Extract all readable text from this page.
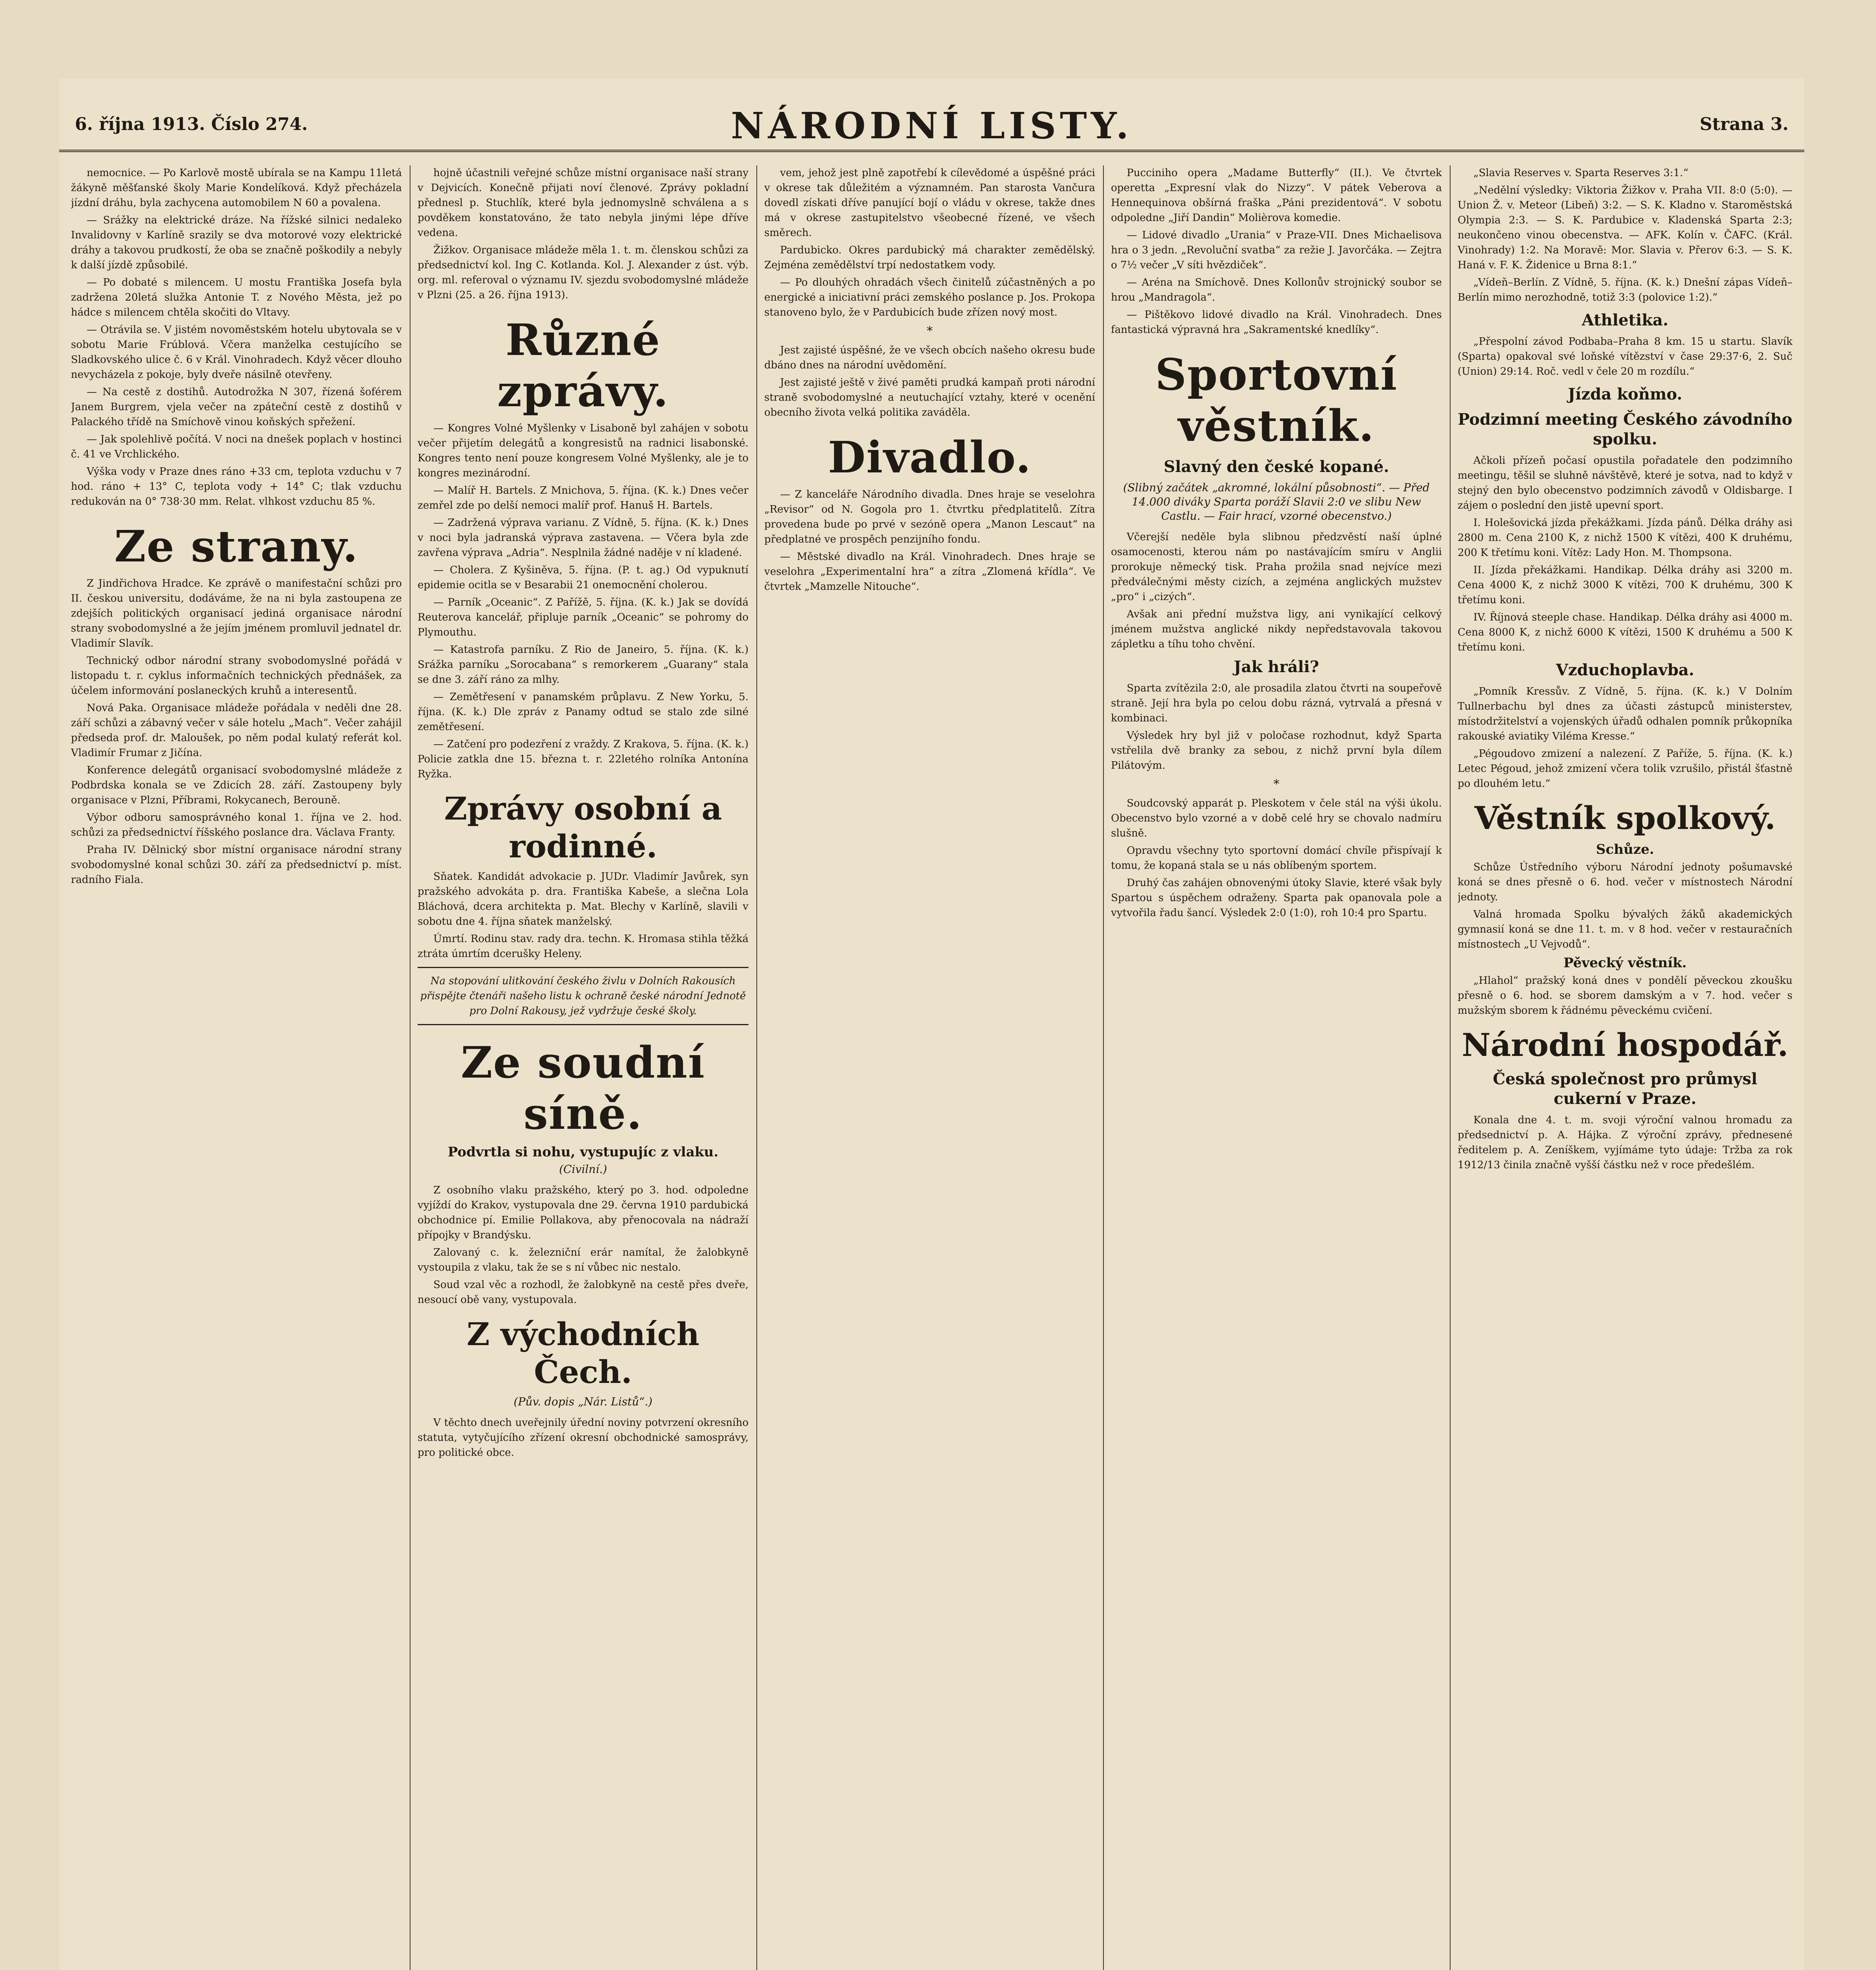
6. října 1913. Číslo 274.	NÁRODNÍ LISTY.	Strana 3.

nemocnice. — Po Karlově mostě ubírala se na Kampu 11letá žákyně měšťanské školy Marie Kondelíková. Když přecházela jízdní dráhu, byla zachycena automobilem N 60 a povalena.

— Srážky na elektrické dráze. Na řížské silnici nedaleko Invalidovny v Karlíně srazily se dva motorové vozy elektrické dráhy a takovou prudkostí, že oba se značně poškodily a nebyly k další jízdě způsobilé.

— Po dobaté s milencem. U mostu Františka Josefa byla zadržena 20letá služka Antonie T. z Nového Města, jež po hádce s milencem chtěla skočiti do Vltavy.

— Otrávila se. V jistém novoměstském hotelu ubytovala se v sobotu Marie Frúblová. Včera manželka cestujícího se Sladkovského ulice č. 6 v Král. Vinohradech. Když věcer dlouho nevycházela z pokoje, byly dveře násilně otevřeny.

— Na cestě z dostihů. Autodrožka N 307, řízená šoférem Janem Burgrem, vjela večer na zpáteční cestě z dostihů v Palackého třídě na Smíchově vinou koňských spřežení.

— Jak spolehlivě počítá. V noci na dnešek poplach v hostinci č. 41 ve Vrchlického.

Výška vody v Praze dnes ráno +33 cm, teplota vzduchu v 7 hod. ráno + 13° C, teplota vody + 14° C; tlak vzduchu redukován na 0° 738·30 mm. Relat. vlhkost vzduchu 85 %.

Ze strany.

Z Jindřichova Hradce. Ke zprávě o manifestační schůzi pro II. českou universitu, dodáváme, že na ni byla zastoupena ze zdejších politických organisací jediná organisace národní strany svobodomyslné a že jejím jménem promluvil jednatel dr. Vladimír Slavík.

Technický odbor národní strany svobodomyslné pořádá v listopadu t. r. cyklus informačních technických přednášek, za účelem informování poslaneckých kruhů a interesentů.

Nová Paka. Organisace mládeže pořádala v neděli dne 28. září schůzi a zábavný večer v sále hotelu „Mach“. Večer zahájil předseda prof. dr. Maloušek, po něm podal kulatý referát kol. Vladimír Frumar z Jičína.

Konference delegátů organisací svobodomyslné mládeže z Podbrdska konala se ve Zdicích 28. září. Zastoupeny byly organisace v Plzni, Příbrami, Rokycanech, Berouně.

Výbor odboru samosprávného konal 1. října ve 2. hod. schůzi za předsednictví říšského poslance dra. Václava Franty.

Praha IV. Dělnický sbor místní organisace národní strany svobodomyslné konal schůzi 30. září za předsednictví p. míst. radního Fiala.

hojně účastnili veřejné schůze místní organisace naší strany v Dejvicích. Konečně přijati noví členové. Zprávy pokladní přednesl p. Stuchlík, které byla jednomyslně schválena a s povděkem konstatováno, že tato nebyla jinými lépe dříve vedena.

Žižkov. Organisace mládeže měla 1. t. m. členskou schůzi za předsednictví kol. Ing C. Kotlanda. Kol. J. Alexander z úst. výb. org. ml. referoval o významu IV. sjezdu svobodomyslné mládeže v Plzni (25. a 26. října 1913).

Různé zprávy.

— Kongres Volné Myšlenky v Lisaboně byl zahájen v sobotu večer přijetím delegátů a kongresistů na radnici lisabonské. Kongres tento není pouze kongresem Volné Myšlenky, ale je to kongres mezinárodní.

— Malíř H. Bartels. Z Mnichova, 5. října. (K. k.) Dnes večer zemřel zde po delší nemoci malíř prof. Hanuš H. Bartels.

— Zadržená výprava varianu. Z Vídně, 5. října. (K. k.) Dnes v noci byla jadranská výprava zastavena. — Včera byla zde zavřena výprava „Adria“. Nesplnila žádné naděje v ní kladené.

— Cholera. Z Kyšiněva, 5. října. (P. t. ag.) Od vypuknutí epidemie ocitla se v Besarabii 21 onemocnění cholerou.

— Parník „Oceanic“. Z Pařížě, 5. října. (K. k.) Jak se dovídá Reuterova kancelář, připluje parník „Oceanic“ se pohromy do Plymouthu.

— Katastrofa parníku. Z Rio de Janeiro, 5. října. (K. k.) Srážka parníku „Sorocabana“ s remorkerem „Guarany“ stala se dne 3. září ráno za mlhy.

— Zemětřesení v panamském průplavu. Z New Yorku, 5. října. (K. k.) Dle zpráv z Panamy odtud se stalo zde silné zemětřesení.

— Zatčení pro podezření z vraždy. Z Krakova, 5. října. (K. k.) Policie zatkla dne 15. března t. r. 22letého rolníka Antonína Ryžka.

Zprávy osobní a rodinné.

Sňatek. Kandidát advokacie p. JUDr. Vladimír Javůrek, syn pražského advokáta p. dra. Františka Kabeše, a slečna Lola Bláchová, dcera architekta p. Mat. Blechy v Karlíně, slavili v sobotu dne 4. října sňatek manželský.

Úmrtí. Rodinu stav. rady dra. techn. K. Hromasa stihla těžká ztráta úmrtím dcerušky Heleny.

Na stopování ulitkování českého živlu v Dolních Rakousích přispějte čtenáři našeho listu k ochraně české národní Jednotě pro Dolní Rakousy, jež vydržuje české školy.
Ze soudní síně.
Podvrtla si nohu, vystupujíc z vlaku.
(Civilní.)

Z osobního vlaku pražského, který po 3. hod. odpoledne vyjíždí do Krakov, vystupovala dne 29. června 1910 pardubická obchodnice pí. Emilie Pollakova, aby přenocovala na nádraží přípojky v Brandýsku.

Zalovaný c. k. železniční erár namítal, že žalobkyně vystoupila z vlaku, tak že se s ní vůbec nic nestalo.

Soud vzal věc a rozhodl, že žalobkyně na cestě přes dveře, nesoucí obě vany, vystupovala.

Z východních Čech.
(Pův. dopis „Nár. Listů“.)

V těchto dnech uveřejnily úřední noviny potvrzení okresního statuta, vytyčujícího zřízení okresní obchodnické samosprávy, pro politické obce.

vem, jehož jest plně zapotřebí k cílevědomé a úspěšné práci v okrese tak důležitém a významném. Pan starosta Vančura dovedl získati dříve panující bojí o vládu v okrese, takže dnes má v okrese zastupitelstvo všeobecné řízené, ve všech směrech.

Pardubicko. Okres pardubický má charakter zemědělský. Zejména zemědělství trpí nedostatkem vody.

— Po dlouhých ohradách všech činitelů zúčastněných a po energické a iniciativní práci zemského poslance p. Jos. Prokopa stanoveno bylo, že v Pardubicích bude zřízen nový most.

*

Jest zajisté úspěšné, že ve všech obcích našeho okresu bude dbáno dnes na národní uvědomění.

Jest zajisté ještě v živé paměti prudká kampaň proti národní straně svobodomyslné a neutuchající vztahy, které v ocenění obecního života velká politika zaváděla.

Divadlo.

— Z kanceláře Národního divadla. Dnes hraje se veselohra „Revisor“ od N. Gogola pro 1. čtvrtku předplatitelů. Zítra provedena bude po prvé v sezóně opera „Manon Lescaut“ na předplatné ve prospěch penzijního fondu.

— Městské divadlo na Král. Vinohradech. Dnes hraje se veselohra „Experimentalní hra“ a zítra „Zlomená křídla“. Ve čtvrtek „Mamzelle Nitouche“.

Pucciniho opera „Madame Butterfly“ (II.). Ve čtvrtek operetta „Expresní vlak do Nizzy“. V pátek Veberova a Hennequinova obšírná fraška „Páni prezidentová“. V sobotu odpoledne „Jiří Dandin“ Molièrova komedie.

— Lidové divadlo „Urania“ v Praze-VII. Dnes Michaelisova hra o 3 jedn. „Revoluční svatba“ za režie J. Javorčáka. — Zejtra o 7½ večer „V síti hvězdiček“.

— Aréna na Smíchově. Dnes Kollonův strojnický soubor se hrou „Mandragola“.

— Pištěkovo lidové divadlo na Král. Vinohradech. Dnes fantastická výpravná hra „Sakramentské knedlíky“.

Sportovní věstník.
Slavný den české kopané.
(Slibný začátek „akromné, lokální působnosti“. — Před 14.000 diváky Sparta poráží Slavii 2:0 ve slibu New Castlu. — Fair hrací, vzorné obecenstvo.)

Včerejší neděle byla slibnou předzvěstí naší úplné osamocenosti, kterou nám po nastávajícím smíru v Anglii prorokuje německý tisk. Praha prožila snad nejvíce mezi předválečnými městy cizích, a zejména anglických mužstev „pro“ i „cizých“.

Avšak ani přední mužstva ligy, ani vynikající celkový jménem mužstva anglické nikdy nepředstavovala takovou zápletku a tíhu toho chvění.

Jak hráli?

Sparta zvítězila 2:0, ale prosadila zlatou čtvrti na soupeřově straně. Její hra byla po celou dobu rázná, vytrvalá a přesná v kombinaci.

Výsledek hry byl již v poločase rozhodnut, když Sparta vstřelila dvě branky za sebou, z nichž první byla dílem Pilátovým.

*

Soudcovský apparát p. Pleskotem v čele stál na výši úkolu. Obecenstvo bylo vzorné a v době celé hry se chovalo nadmíru slušně.

Opravdu všechny tyto sportovní domácí chvíle přispívají k tomu, že kopaná stala se u nás oblíbeným sportem.

Druhý čas zahájen obnovenými útoky Slavie, které však byly Spartou s úspěchem odraženy. Sparta pak opanovala pole a vytvořila řadu šancí. Výsledek 2:0 (1:0), roh 10:4 pro Spartu.

„Slavia Reserves v. Sparta Reserves 3:1.“

„Nedělní výsledky: Viktoria Žižkov v. Praha VII. 8:0 (5:0). — Union Ž. v. Meteor (Libeň) 3:2. — S. K. Kladno v. Staroměstská Olympia 2:3. — S. K. Pardubice v. Kladenská Sparta 2:3; neukončeno vinou obecenstva. — AFK. Kolín v. ČAFC. (Král. Vinohrady) 1:2. Na Moravě: Mor. Slavia v. Přerov 6:3. — S. K. Haná v. F. K. Židenice u Brna 8:1.“

„Vídeň–Berlín. Z Vídně, 5. října. (K. k.) Dnešní zápas Vídeň–Berlín mimo nerozhodně, totiž 3:3 (polovice 1:2).“

Athletika.

„Přespolní závod Podbaba–Praha 8 km. 15 u startu. Slavík (Sparta) opakoval své loňské vítězství v čase 29:37·6, 2. Suč (Union) 29:14. Roč. vedl v čele 20 m rozdílu.“

Jízda koňmo.
Podzimní meeting Českého závodního spolku.

Ačkoli přízeň počasí opustila pořadatele den podzimního meetingu, těšil se sluhně návštěvě, které je sotva, nad to když v stejný den bylo obecenstvo podzimních závodů v Oldisbarge. I zájem o poslední den jistě upevní sport.

I. Holešovická jízda překážkami. Jízda pánů. Délka dráhy asi 2800 m. Cena 2100 K, z nichž 1500 K vítězi, 400 K druhému, 200 K třetímu koni. Vítěz: Lady Hon. M. Thompsona.

II. Jízda překážkami. Handikap. Délka dráhy asi 3200 m. Cena 4000 K, z nichž 3000 K vítězi, 700 K druhému, 300 K třetímu koni.

IV. Říjnová steeple chase. Handikap. Délka dráhy asi 4000 m. Cena 8000 K, z nichž 6000 K vítězi, 1500 K druhému a 500 K třetímu koni.

Vzduchoplavba.

„Pomník Kressův. Z Vídně, 5. října. (K. k.) V Dolním Tullnerbachu byl dnes za účasti zástupců ministerstev, místodržitelství a vojenských úřadů odhalen pomník průkopníka rakouské aviatiky Viléma Kresse.“

„Pégoudovo zmizení a nalezení. Z Paříže, 5. října. (K. k.) Letec Pégoud, jehož zmizení včera tolik vzrušilo, přistál šťastně po dlouhém letu.“

Věstník spolkový.
Schůze.

Schůze Ústředního výboru Národní jednoty pošumavské koná se dnes přesně o 6. hod. večer v místnostech Národní jednoty.

Valná hromada Spolku bývalých žáků akademických gymnasií koná se dne 11. t. m. v 8 hod. večer v restauračních místnostech „U Vejvodů“.

Pěvecký věstník.

„Hlahol“ pražský koná dnes v pondělí pěveckou zkoušku přesně o 6. hod. se sborem damským a v 7. hod. večer s mužským sborem k řádnému pěveckému cvičení.

Národní hospodář.
Česká společnost pro průmysl cukerní v Praze.

Konala dne 4. t. m. svoji výroční valnou hromadu za předsednictví p. A. Hájka. Z výroční zprávy, přednesené ředitelem p. A. Zeníškem, vyjímáme tyto údaje: Tržba za rok 1912/13 činila značně vyšší částku než v roce předešlém.
